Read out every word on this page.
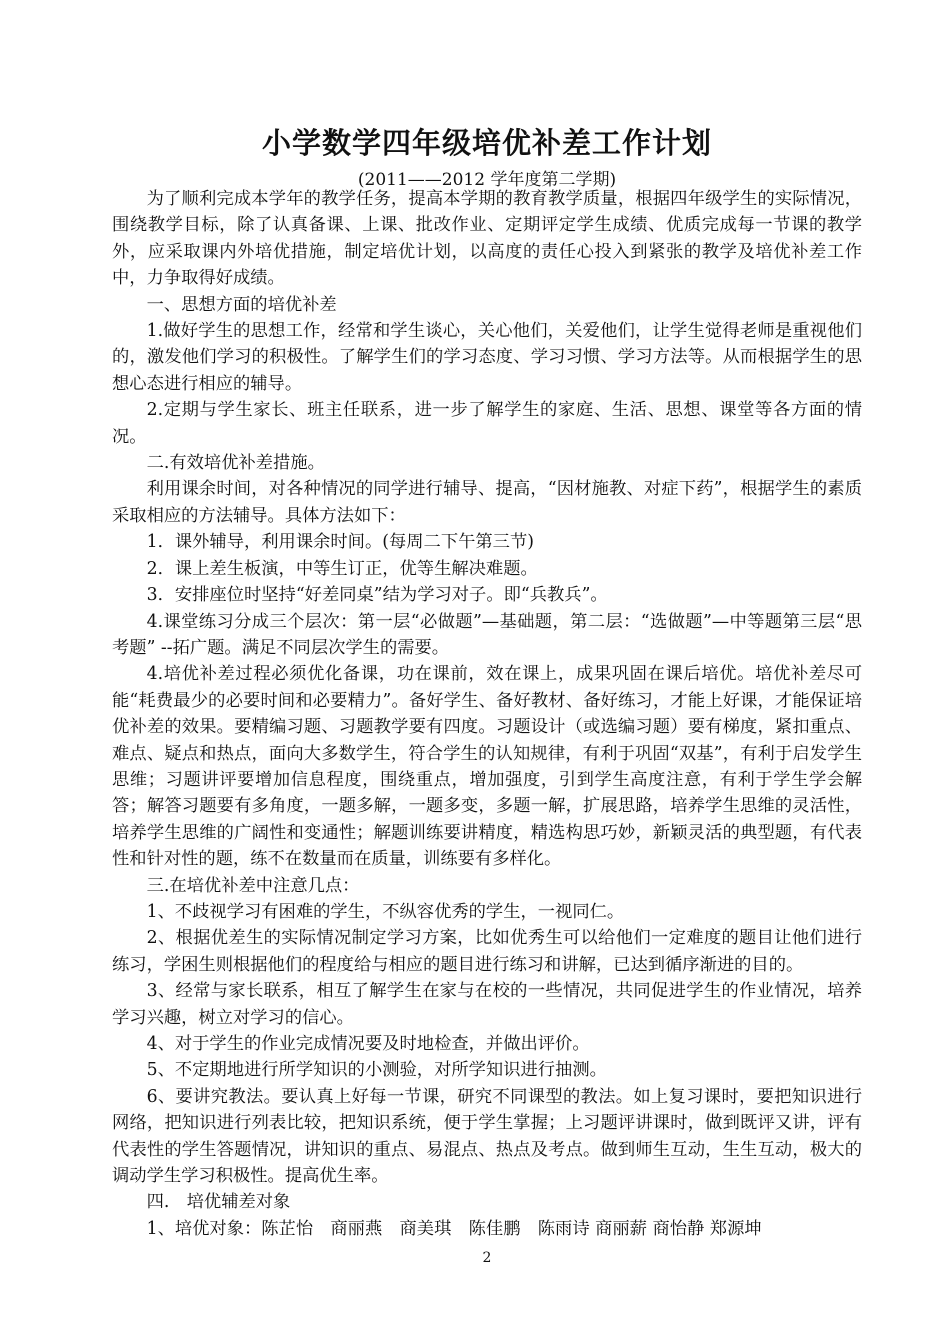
小学数学四年级培优补差工作计划
(2011——2012 学年度第二学期)

为了顺利完成本学年的教学任务，提高本学期的教育教学质量，根据四年级学生的实际情况，围绕教学目标，除了认真备课、上课、批改作业、定期评定学生成绩、优质完成每一节课的教学外，应采取课内外培优措施，制定培优计划，以高度的责任心投入到紧张的教学及培优补差工作中，力争取得好成绩。

一、思想方面的培优补差

1.做好学生的思想工作，经常和学生谈心，关心他们，关爱他们，让学生觉得老师是重视他们的，激发他们学习的积极性。了解学生们的学习态度、学习习惯、学习方法等。从而根据学生的思想心态进行相应的辅导。

2.定期与学生家长、班主任联系，进一步了解学生的家庭、生活、思想、课堂等各方面的情况。

二.有效培优补差措施。

利用课余时间，对各种情况的同学进行辅导、提高，“因材施教、对症下药”，根据学生的素质采取相应的方法辅导。具体方法如下：

1．课外辅导，利用课余时间。(每周二下午第三节)

2．课上差生板演，中等生订正，优等生解决难题。

3．安排座位时坚持“好差同桌”结为学习对子。即“兵教兵”。

4.课堂练习分成三个层次：第一层“必做题”—基础题，第二层：“选做题”—中等题第三层“思考题” --拓广题。满足不同层次学生的需要。

4.培优补差过程必须优化备课，功在课前，效在课上，成果巩固在课后培优。培优补差尽可能“耗费最少的必要时间和必要精力”。备好学生、备好教材、备好练习，才能上好课，才能保证培优补差的效果。要精编习题、习题教学要有四度。习题设计（或选编习题）要有梯度，紧扣重点、难点、疑点和热点，面向大多数学生，符合学生的认知规律，有利于巩固“双基”，有利于启发学生思维；习题讲评要增加信息程度，围绕重点，增加强度，引到学生高度注意，有利于学生学会解答；解答习题要有多角度，一题多解，一题多变，多题一解，扩展思路，培养学生思维的灵活性，培养学生思维的广阔性和变通性；解题训练要讲精度，精选构思巧妙，新颖灵活的典型题，有代表性和针对性的题，练不在数量而在质量，训练要有多样化。

三.在培优补差中注意几点：

1、不歧视学习有困难的学生，不纵容优秀的学生，一视同仁。

2、根据优差生的实际情况制定学习方案，比如优秀生可以给他们一定难度的题目让他们进行练习，学困生则根据他们的程度给与相应的题目进行练习和讲解，已达到循序渐进的目的。

3、经常与家长联系，相互了解学生在家与在校的一些情况，共同促进学生的作业情况，培养学习兴趣，树立对学习的信心。

4、对于学生的作业完成情况要及时地检查，并做出评价。

5、不定期地进行所学知识的小测验，对所学知识进行抽测。

6、要讲究教法。要认真上好每一节课，研究不同课型的教法。如上复习课时，要把知识进行网络，把知识进行列表比较，把知识系统，便于学生掌握；上习题评讲课时，做到既评又讲，评有代表性的学生答题情况，讲知识的重点、易混点、热点及考点。做到师生互动，生生互动，极大的调动学生学习积极性。提高优生率。

四.　培优辅差对象

1、培优对象：陈芷怡　商丽燕　商美琪　陈佳鹏　陈雨诗 商丽薪 商怡静 郑源坤

2
